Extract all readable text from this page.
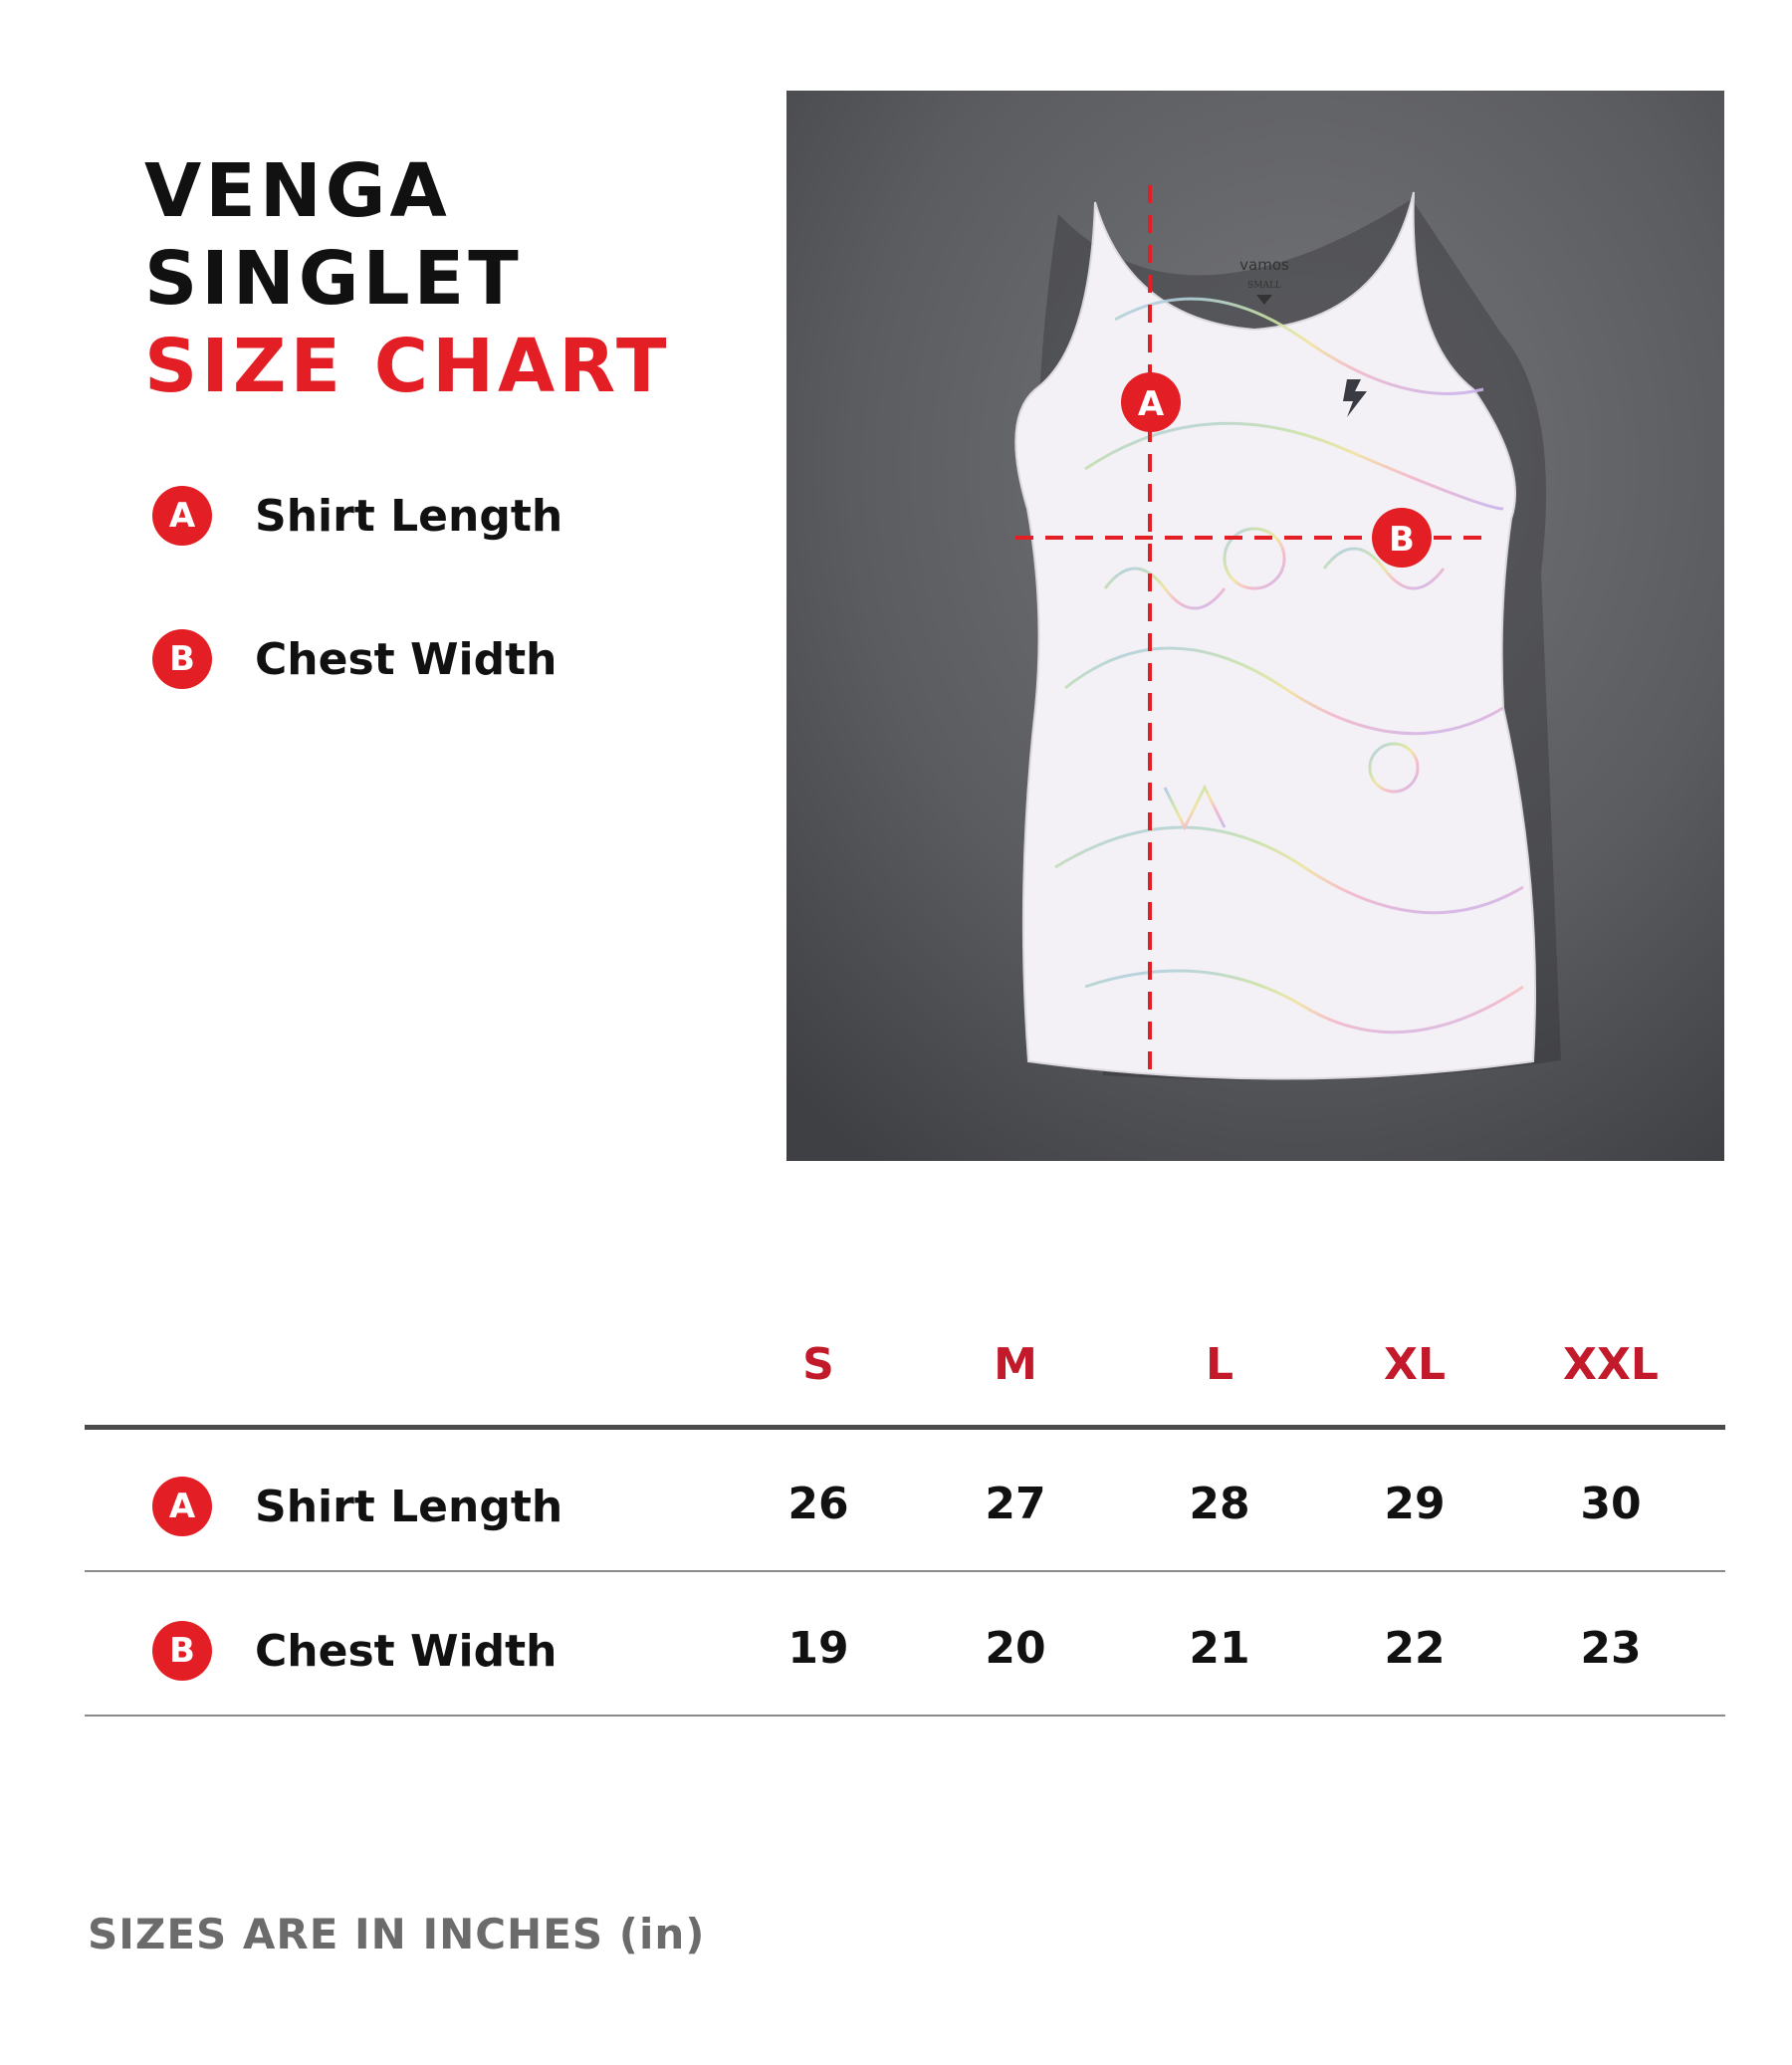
VENGA
SINGLET
SIZE CHART
A	Shirt Length
B	Chest Width
vamos
SMALL
A
B
S	M	L	XL	XXL
A	Shirt Length	26	27	28	29	30
B	Chest Width	19	20	21	22	23
SIZES ARE IN INCHES (in)
